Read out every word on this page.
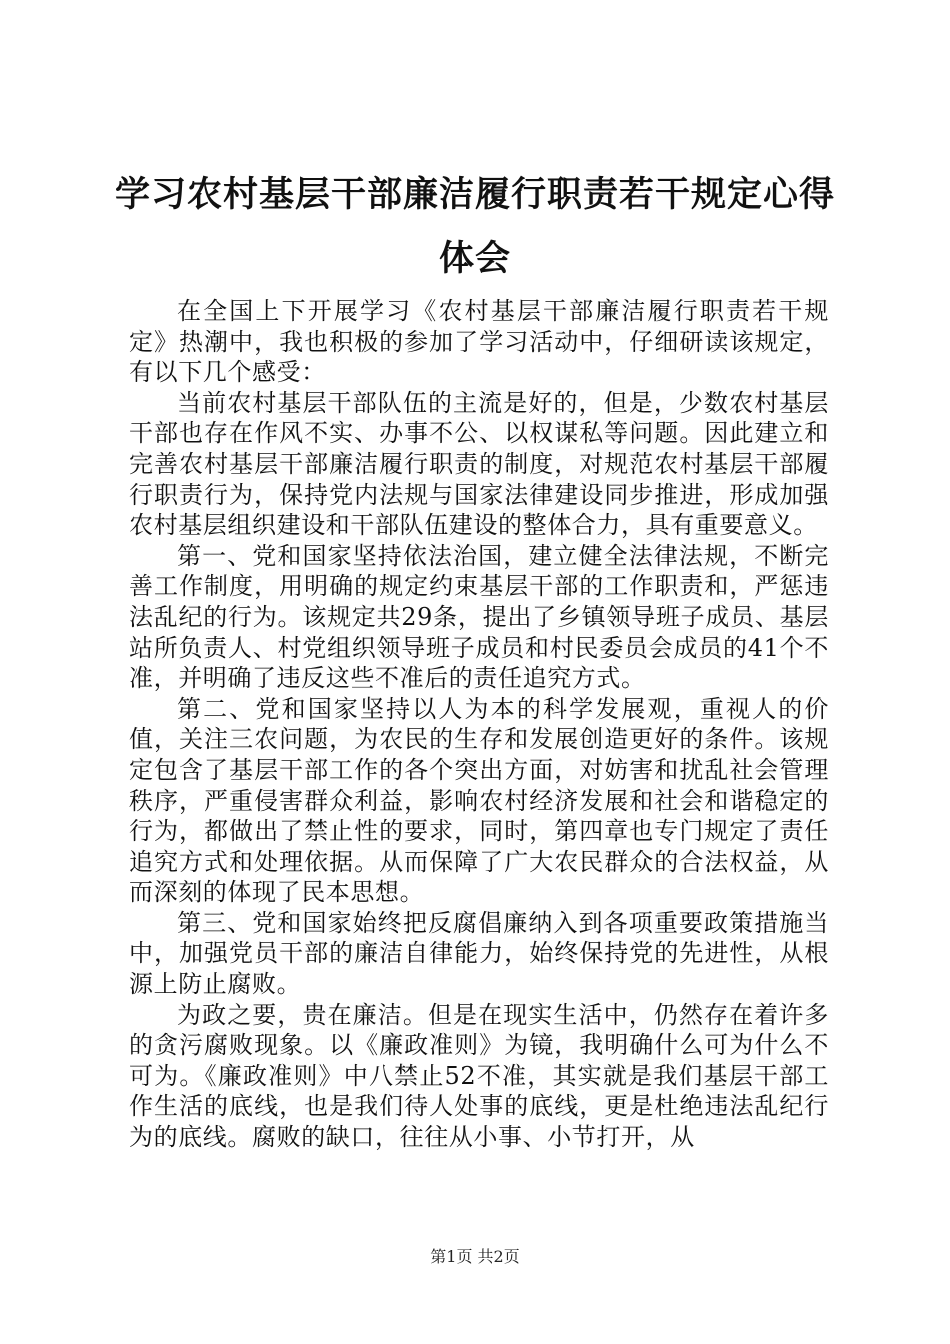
学习农村基层干部廉洁履行职责若干规定心得
体会

在全国上下开展学习《农村基层干部廉洁履行职责若干规定》热潮中，我也积极的参加了学习活动中，仔细研读该规定，有以下几个感受：

当前农村基层干部队伍的主流是好的，但是，少数农村基层干部也存在作风不实、办事不公、以权谋私等问题。因此建立和完善农村基层干部廉洁履行职责的制度，对规范农村基层干部履行职责行为，保持党内法规与国家法律建设同步推进，形成加强农村基层组织建设和干部队伍建设的整体合力，具有重要意义。

第一、党和国家坚持依法治国，建立健全法律法规，不断完善工作制度，用明确的规定约束基层干部的工作职责和，严惩违法乱纪的行为。该规定共29条，提出了乡镇领导班子成员、基层站所负责人、村党组织领导班子成员和村民委员会成员的41个不准，并明确了违反这些不准后的责任追究方式。

第二、党和国家坚持以人为本的科学发展观，重视人的价值，关注三农问题，为农民的生存和发展创造更好的条件。该规定包含了基层干部工作的各个突出方面，对妨害和扰乱社会管理秩序，严重侵害群众利益，影响农村经济发展和社会和谐稳定的行为，都做出了禁止性的要求，同时，第四章也专门规定了责任追究方式和处理依据。从而保障了广大农民群众的合法权益，从而深刻的体现了民本思想。

第三、党和国家始终把反腐倡廉纳入到各项重要政策措施当中，加强党员干部的廉洁自律能力，始终保持党的先进性，从根源上防止腐败。

为政之要，贵在廉洁。但是在现实生活中，仍然存在着许多的贪污腐败现象。以《廉政准则》为镜，我明确什么可为什么不可为。《廉政准则》中八禁止52不准，其实就是我们基层干部工作生活的底线，也是我们待人处事的底线，更是杜绝违法乱纪行为的底线。腐败的缺口，往往从小事、小节打开，从

第1页 共2页
